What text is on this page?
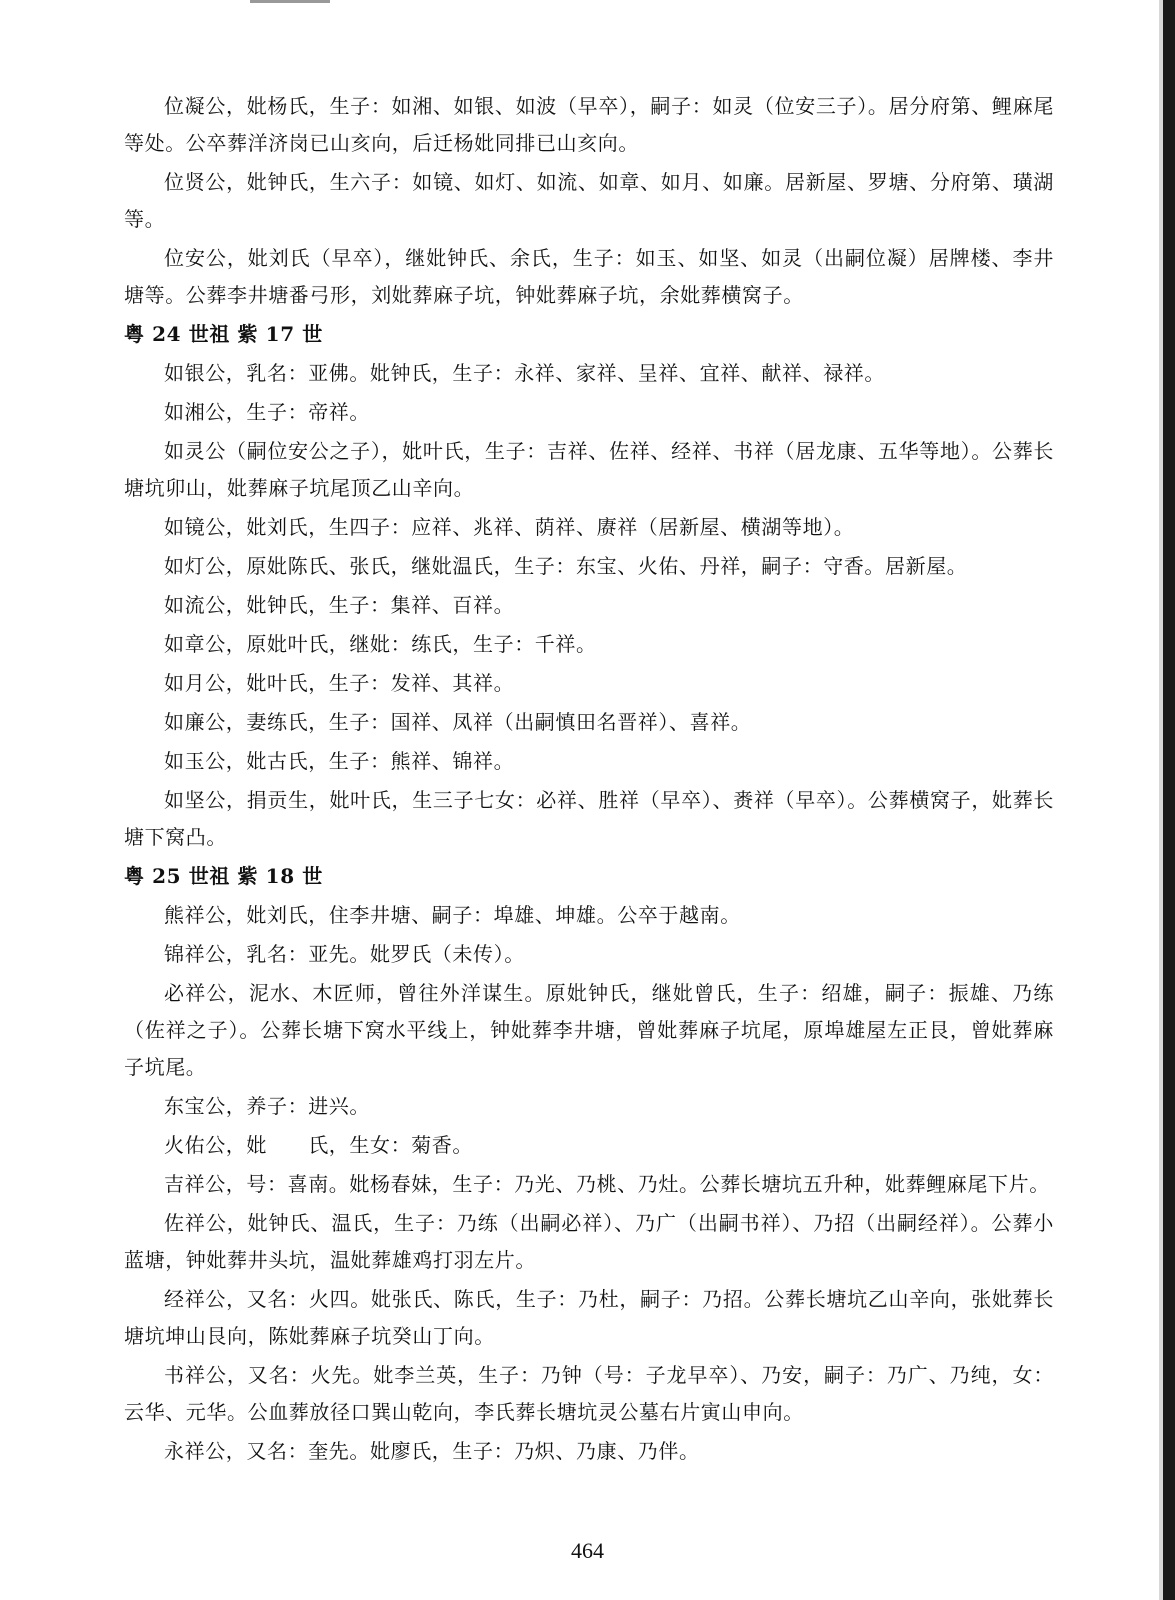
位凝公，妣杨氏，生子：如湘、如银、如波（早卒），嗣子：如灵（位安三子）。居分府第、鲤麻尾等处。公卒葬洋济岗已山亥向，后迁杨妣同排已山亥向。

位贤公，妣钟氏，生六子：如镜、如灯、如流、如章、如月、如廉。居新屋、罗塘、分府第、璜湖等。

位安公，妣刘氏（早卒），继妣钟氏、余氏，生子：如玉、如坚、如灵（出嗣位凝）居牌楼、李井塘等。公葬李井塘番弓形，刘妣葬麻子坑，钟妣葬麻子坑，余妣葬横窝子。

粤 24 世祖 紫 17 世

如银公，乳名：亚佛。妣钟氏，生子：永祥、家祥、呈祥、宜祥、献祥、禄祥。

如湘公，生子：帝祥。

如灵公（嗣位安公之子），妣叶氏，生子：吉祥、佐祥、经祥、书祥（居龙康、五华等地）。公葬长塘坑卯山，妣葬麻子坑尾顶乙山辛向。

如镜公，妣刘氏，生四子：应祥、兆祥、荫祥、赓祥（居新屋、横湖等地）。

如灯公，原妣陈氏、张氏，继妣温氏，生子：东宝、火佑、丹祥，嗣子：守香。居新屋。

如流公，妣钟氏，生子：集祥、百祥。

如章公，原妣叶氏，继妣：练氏，生子：千祥。

如月公，妣叶氏，生子：发祥、其祥。

如廉公，妻练氏，生子：国祥、凤祥（出嗣慎田名晋祥）、喜祥。

如玉公，妣古氏，生子：熊祥、锦祥。

如坚公，捐贡生，妣叶氏，生三子七女：必祥、胜祥（早卒）、赉祥（早卒）。公葬横窝子，妣葬长塘下窝凸。

粤 25 世祖 紫 18 世

熊祥公，妣刘氏，住李井塘、嗣子：埠雄、坤雄。公卒于越南。

锦祥公，乳名：亚先。妣罗氏（未传）。

必祥公，泥水、木匠师，曾往外洋谋生。原妣钟氏，继妣曾氏，生子：绍雄，嗣子：振雄、乃练（佐祥之子）。公葬长塘下窝水平线上，钟妣葬李井塘，曾妣葬麻子坑尾，原埠雄屋左正艮，曾妣葬麻子坑尾。

东宝公，养子：进兴。

火佑公，妣　　氏，生女：菊香。

吉祥公，号：喜南。妣杨春妹，生子：乃光、乃桃、乃灶。公葬长塘坑五升种，妣葬鲤麻尾下片。

佐祥公，妣钟氏、温氏，生子：乃练（出嗣必祥）、乃广（出嗣书祥）、乃招（出嗣经祥）。公葬小蓝塘，钟妣葬井头坑，温妣葬雄鸡打羽左片。

经祥公，又名：火四。妣张氏、陈氏，生子：乃杜，嗣子：乃招。公葬长塘坑乙山辛向，张妣葬长塘坑坤山艮向，陈妣葬麻子坑癸山丁向。

书祥公，又名：火先。妣李兰英，生子：乃钟（号：子龙早卒）、乃安，嗣子：乃广、乃纯，女：云华、元华。公血葬放径口巽山乾向，李氏葬长塘坑灵公墓右片寅山申向。

永祥公，又名：奎先。妣廖氏，生子：乃炽、乃康、乃伴。

464
